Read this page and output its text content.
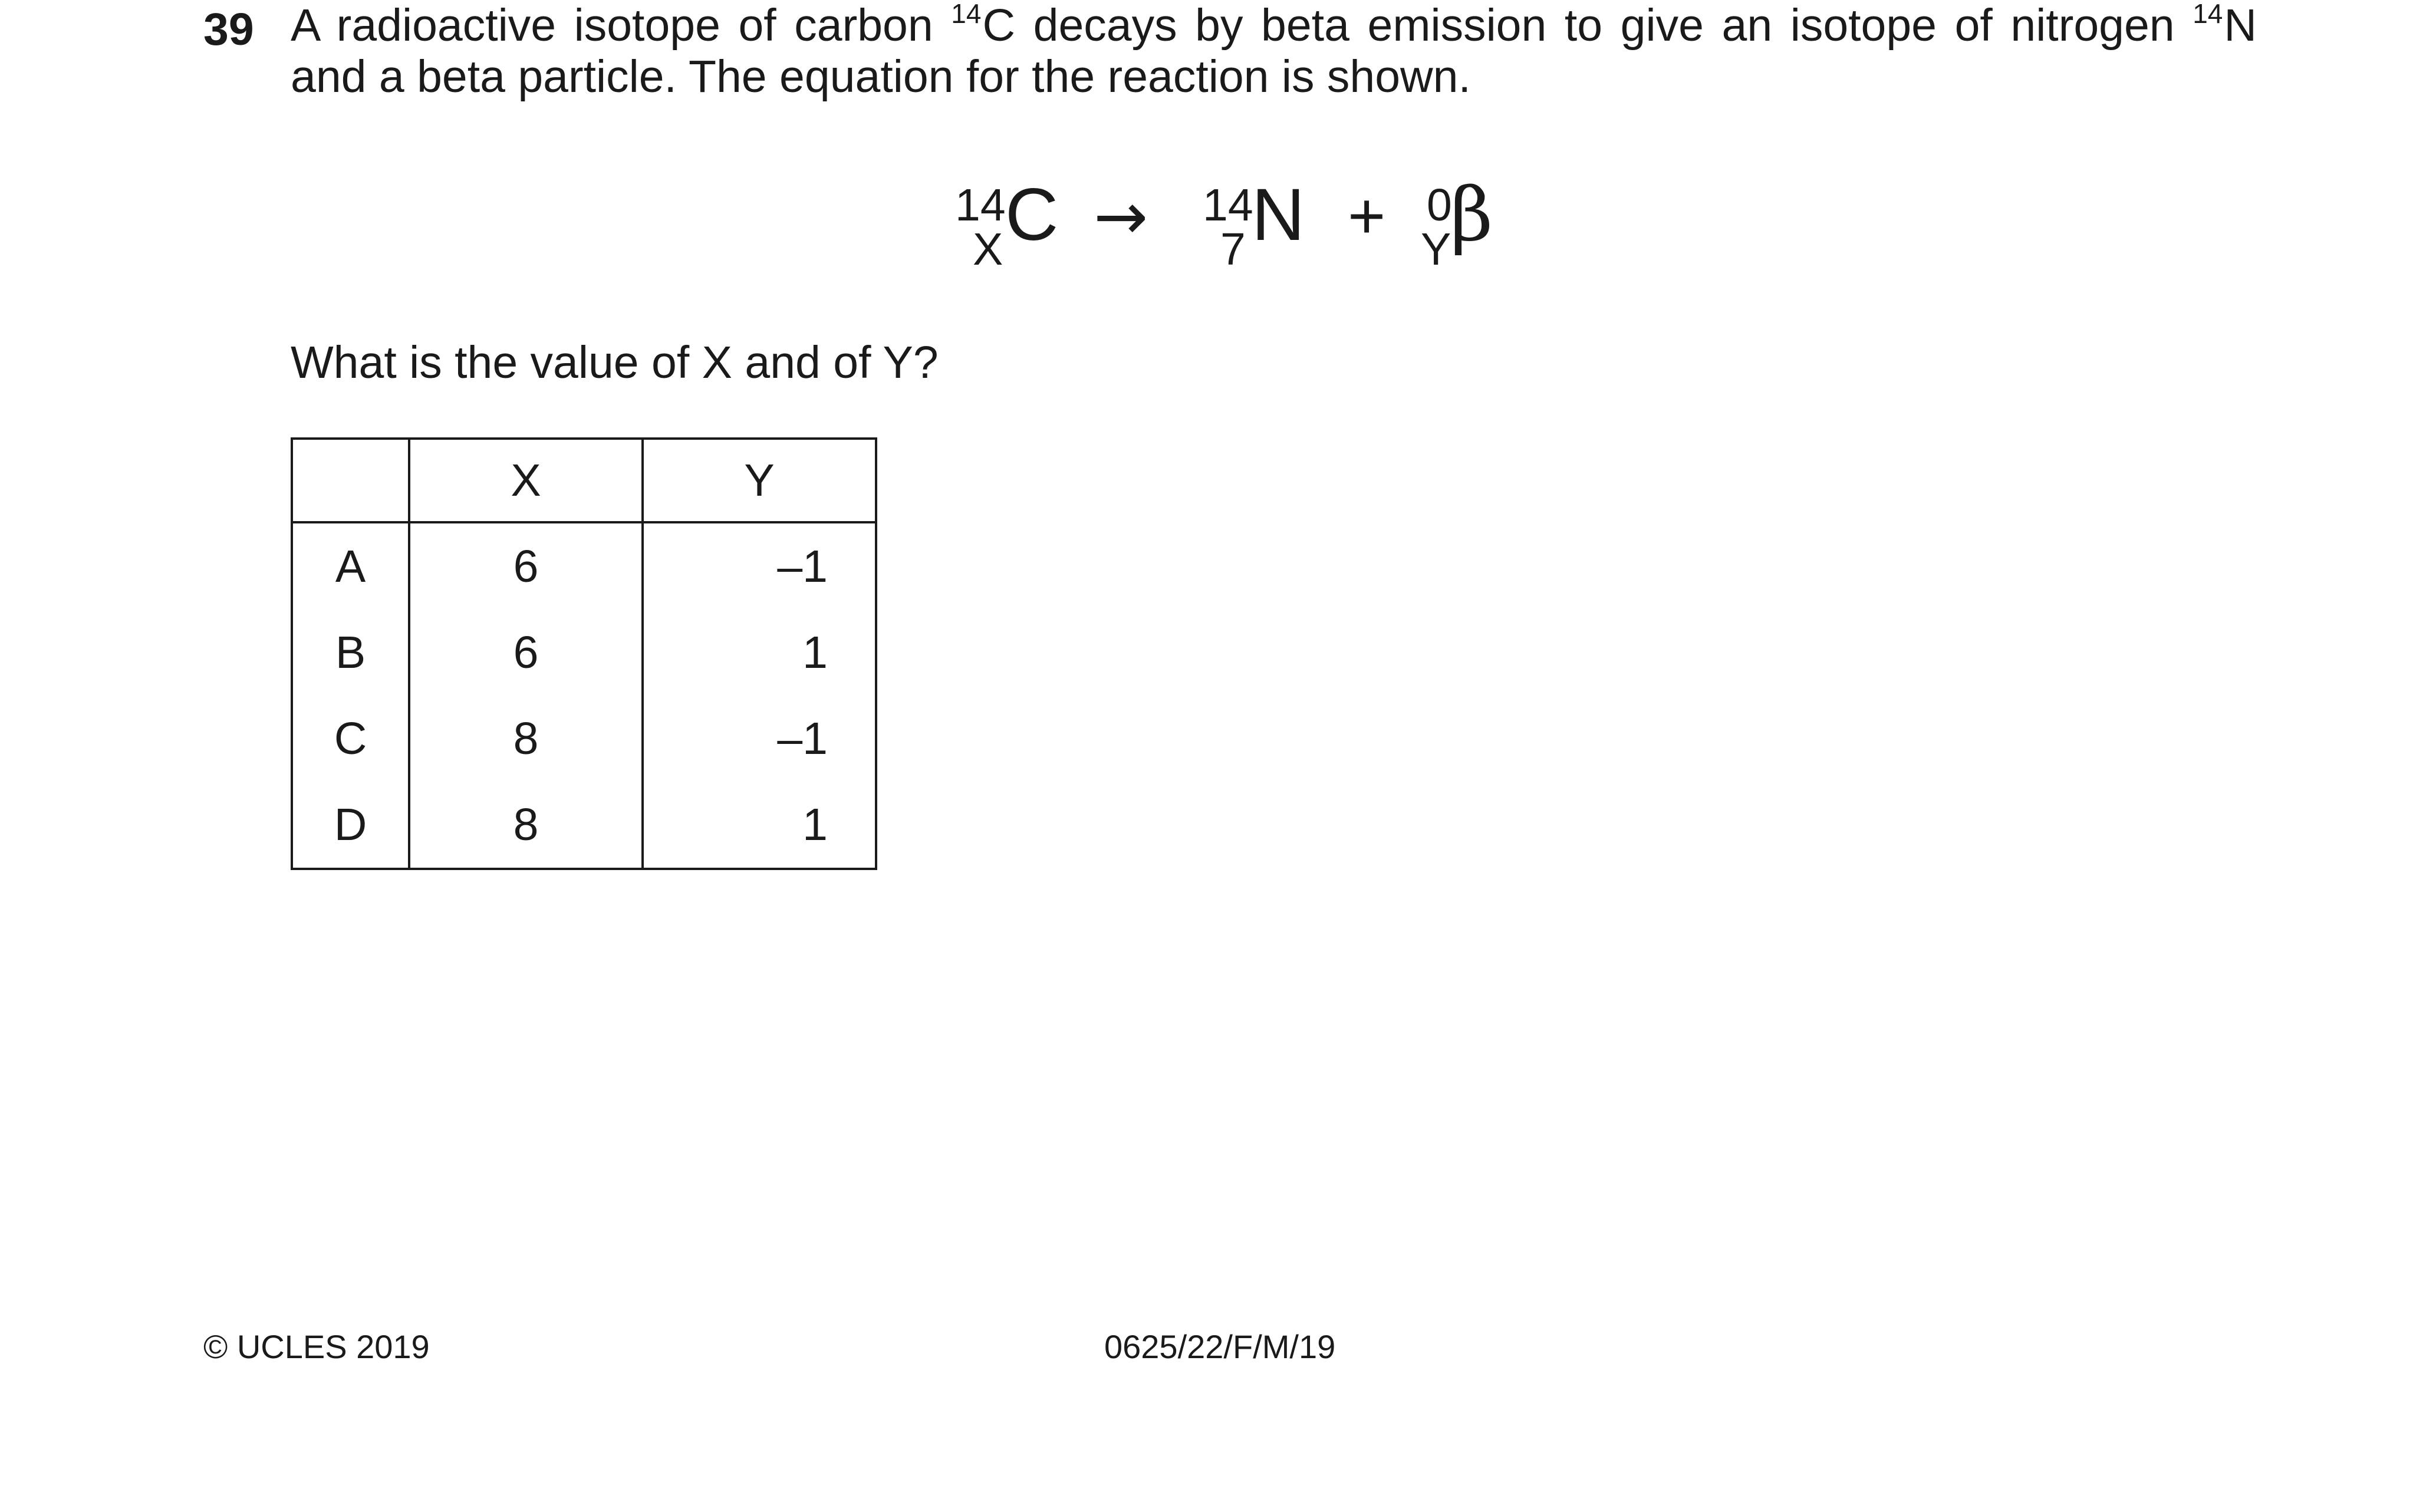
39 A radioactive isotope of carbon $^{14}$C decays by beta emission to give an isotope of nitrogen $^{14}$N
and a beta particle. The equation for the reaction is shown.
14
X C → 14
7 N + 0
Y
β
What is the value of X and of Y?
	X	Y
A	6	–1
B	6	1
C	8	–1
D	8	1
© UCLES 2019	0625/22/F/M/19
